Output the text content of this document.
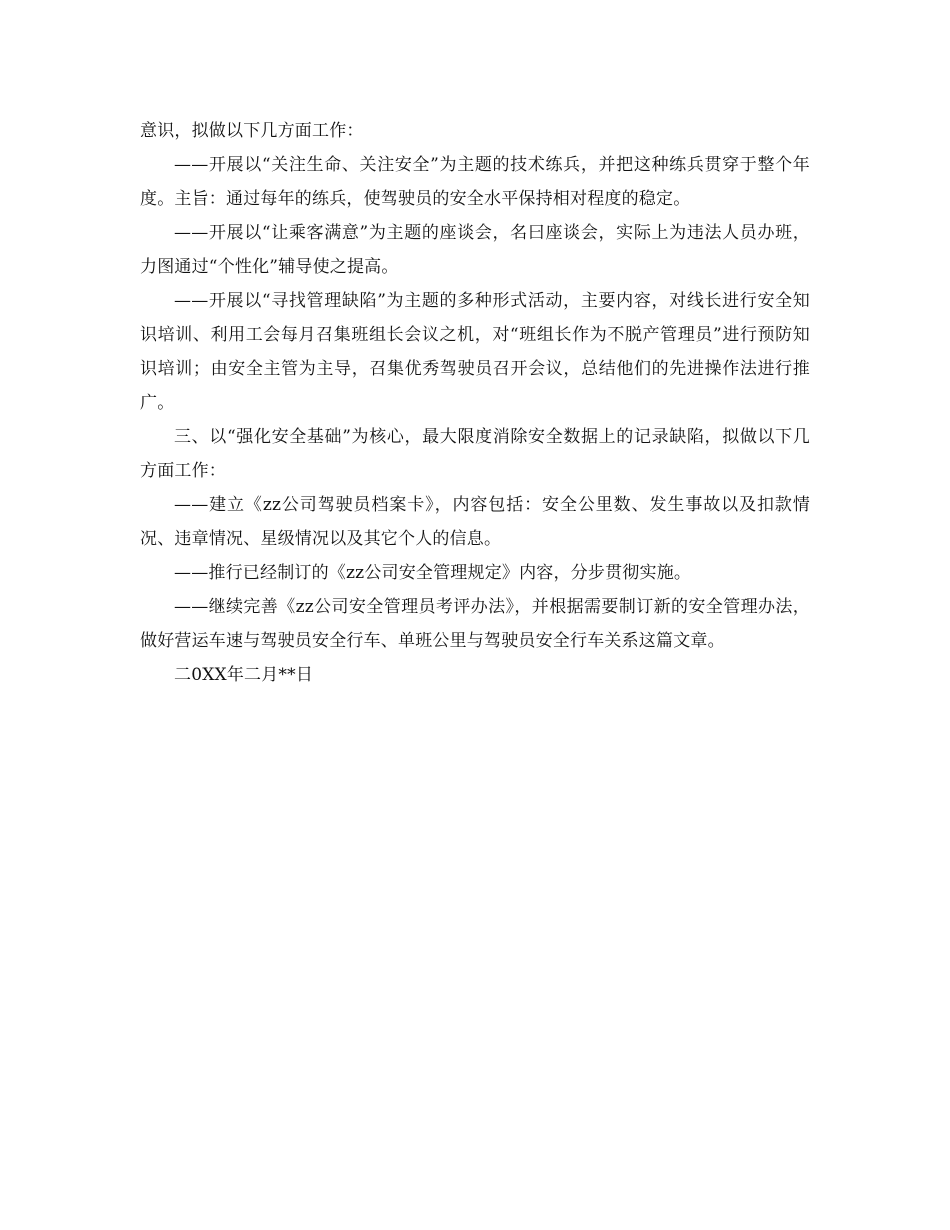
意识，拟做以下几方面工作：

——开展以“关注生命、关注安全”为主题的技术练兵，并把这种练兵贯穿于整个年度。主旨：通过每年的练兵，使驾驶员的安全水平保持相对程度的稳定。

——开展以“让乘客满意”为主题的座谈会，名曰座谈会，实际上为违法人员办班，力图通过“个性化”辅导使之提高。

——开展以“寻找管理缺陷”为主题的多种形式活动，主要内容，对线长进行安全知识培训、利用工会每月召集班组长会议之机，对“班组长作为不脱产管理员”进行预防知识培训；由安全主管为主导，召集优秀驾驶员召开会议，总结他们的先进操作法进行推广。

三、以“强化安全基础”为核心，最大限度消除安全数据上的记录缺陷，拟做以下几方面工作：

——建立《zz公司驾驶员档案卡》，内容包括：安全公里数、发生事故以及扣款情况、违章情况、星级情况以及其它个人的信息。

——推行已经制订的《zz公司安全管理规定》内容，分步贯彻实施。

——继续完善《zz公司安全管理员考评办法》，并根据需要制订新的安全管理办法，做好营运车速与驾驶员安全行车、单班公里与驾驶员安全行车关系这篇文章。

二0XX年二月**日
